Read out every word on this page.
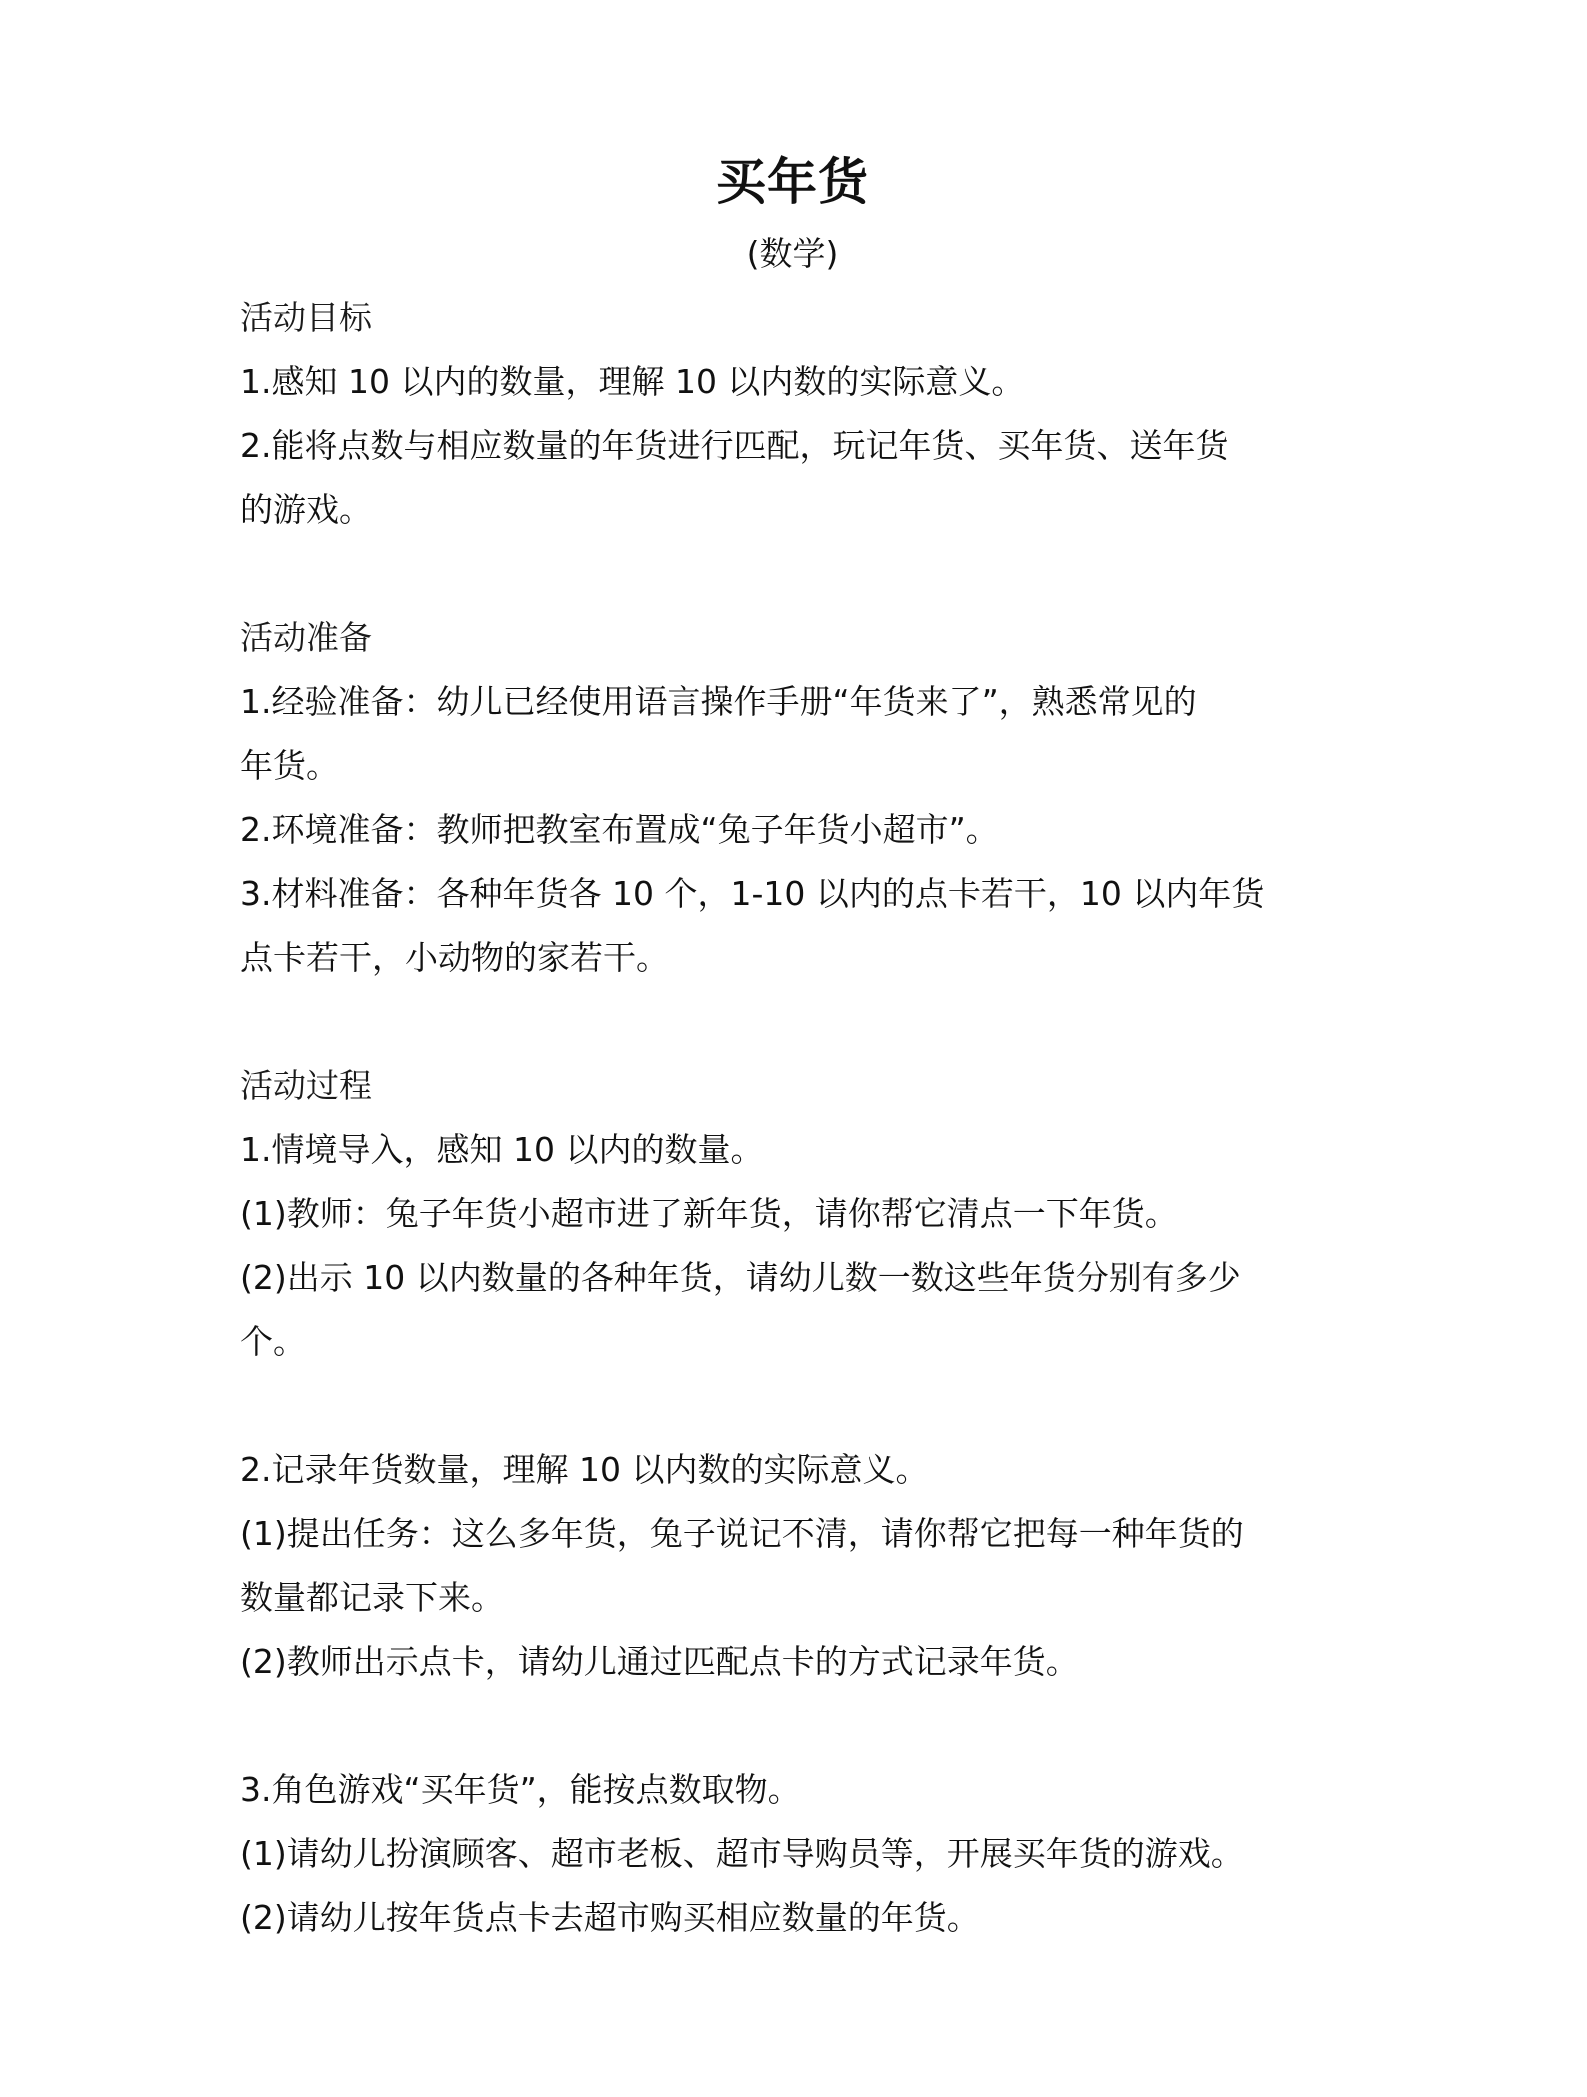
买年货
(数学)
活动目标
1.感知 10 以内的数量，理解 10 以内数的实际意义。
2.能将点数与相应数量的年货进行匹配，玩记年货、买年货、送年货
的游戏。
活动准备
1.经验准备：幼儿已经使用语言操作手册“年货来了”，熟悉常见的
年货。
2.环境准备：教师把教室布置成“兔子年货小超市”。
3.材料准备：各种年货各 10 个，1-10 以内的点卡若干，10 以内年货
点卡若干，小动物的家若干。
活动过程
1.情境导入，感知 10 以内的数量。
(1)教师：兔子年货小超市进了新年货，请你帮它清点一下年货。
(2)出示 10 以内数量的各种年货，请幼儿数一数这些年货分别有多少
个。
2.记录年货数量，理解 10 以内数的实际意义。
(1)提出任务：这么多年货，兔子说记不清，请你帮它把每一种年货的
数量都记录下来。
(2)教师出示点卡，请幼儿通过匹配点卡的方式记录年货。
3.角色游戏“买年货”，能按点数取物。
(1)请幼儿扮演顾客、超市老板、超市导购员等，开展买年货的游戏。
(2)请幼儿按年货点卡去超市购买相应数量的年货。
